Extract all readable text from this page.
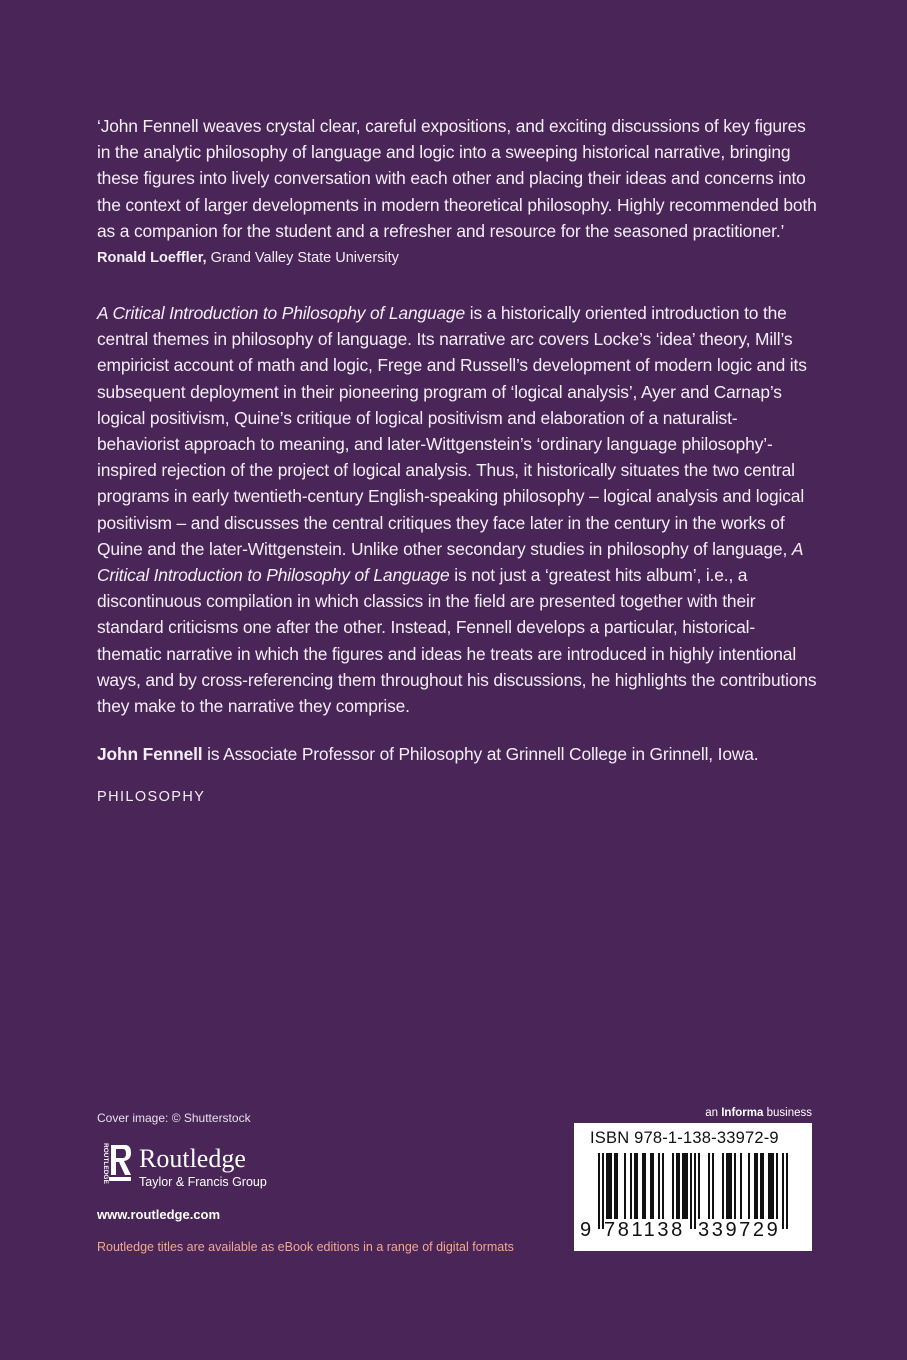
‘John Fennell weaves crystal clear, careful expositions, and exciting discussions of key figures in the analytic philosophy of language and logic into a sweeping historical narrative, bringing these figures into lively conversation with each other and placing their ideas and concerns into the context of larger developments in modern theoretical philosophy. Highly recommended both as a companion for the student and a refresher and resource for the seasoned practitioner.’

Ronald Loeffler, Grand Valley State University

A Critical Introduction to Philosophy of Language is a historically oriented introduction to the central themes in philosophy of language. Its narrative arc covers Locke’s ‘idea’ theory, Mill’s empiricist account of math and logic, Frege and Russell’s development of modern logic and its subsequent deployment in their pioneering program of ‘logical analysis’, Ayer and Carnap’s logical positivism, Quine’s critique of logical positivism and elaboration of a naturalist-behaviorist approach to meaning, and later-Wittgenstein’s ‘ordinary language philosophy’-inspired rejection of the project of logical analysis. Thus, it historically situates the two central programs in early twentieth-century English-speaking philosophy – logical analysis and logical positivism – and discusses the central critiques they face later in the century in the works of Quine and the later-Wittgenstein. Unlike other secondary studies in philosophy of language, A Critical Introduction to Philosophy of Language is not just a ‘greatest hits album’, i.e., a discontinuous compilation in which classics in the field are presented together with their standard criticisms one after the other. Instead, Fennell develops a particular, historical-thematic narrative in which the figures and ideas he treats are introduced in highly intentional ways, and by cross-referencing them throughout his discussions, he highlights the contributions they make to the narrative they comprise.

John Fennell is Associate Professor of Philosophy at Grinnell College in Grinnell, Iowa.
PHILOSOPHY
Cover image: © Shutterstock
ROUTLEDGE Routledge
Taylor & Francis Group
www.routledge.com
Routledge titles are available as eBook editions in a range of digital formats
an Informa business
ISBN 978-1-138-33972-9
9 781138 339729
